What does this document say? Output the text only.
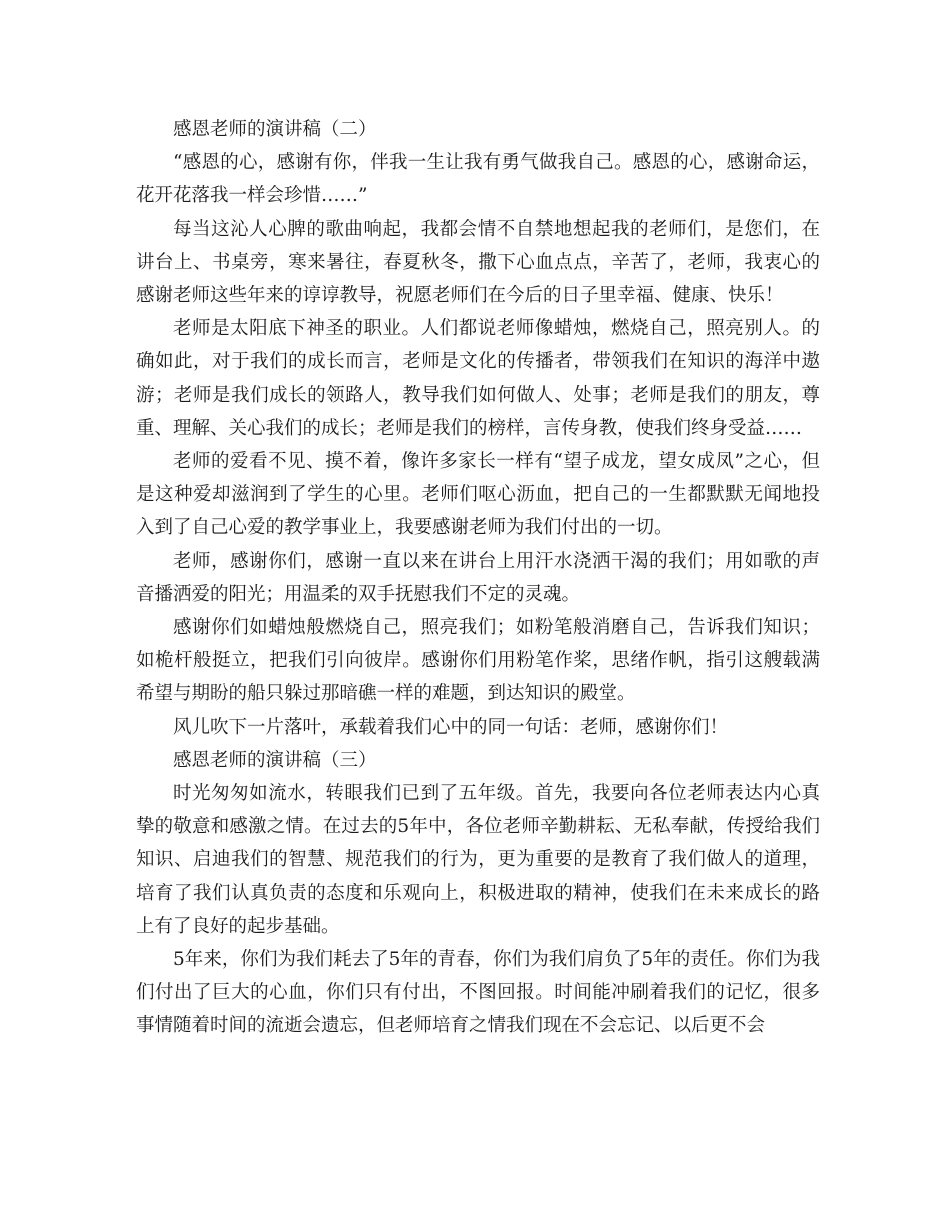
感恩老师的演讲稿（二）

“感恩的心，感谢有你，伴我一生让我有勇气做我自己。感恩的心，感谢命运，花开花落我一样会珍惜……”

每当这沁人心脾的歌曲响起，我都会情不自禁地想起我的老师们，是您们，在讲台上、书桌旁，寒来暑往，春夏秋冬，撒下心血点点，辛苦了，老师，我衷心的感谢老师这些年来的谆谆教导，祝愿老师们在今后的日子里幸福、健康、快乐！

老师是太阳底下神圣的职业。人们都说老师像蜡烛，燃烧自己，照亮别人。的确如此，对于我们的成长而言，老师是文化的传播者，带领我们在知识的海洋中遨游；老师是我们成长的领路人，教导我们如何做人、处事；老师是我们的朋友，尊重、理解、关心我们的成长；老师是我们的榜样，言传身教，使我们终身受益……

老师的爱看不见、摸不着，像许多家长一样有“望子成龙，望女成凤”之心，但是这种爱却滋润到了学生的心里。老师们呕心沥血，把自己的一生都默默无闻地投入到了自己心爱的教学事业上，我要感谢老师为我们付出的一切。

老师，感谢你们，感谢一直以来在讲台上用汗水浇洒干渴的我们；用如歌的声音播洒爱的阳光；用温柔的双手抚慰我们不定的灵魂。

感谢你们如蜡烛般燃烧自己，照亮我们；如粉笔般消磨自己，告诉我们知识；如桅杆般挺立，把我们引向彼岸。感谢你们用粉笔作桨，思绪作帆，指引这艘载满希望与期盼的船只躲过那暗礁一样的难题，到达知识的殿堂。

风儿吹下一片落叶，承载着我们心中的同一句话：老师，感谢你们！

感恩老师的演讲稿（三）

时光匆匆如流水，转眼我们已到了五年级。首先，我要向各位老师表达内心真挚的敬意和感激之情。在过去的5年中，各位老师辛勤耕耘、无私奉献，传授给我们知识、启迪我们的智慧、规范我们的行为，更为重要的是教育了我们做人的道理，培育了我们认真负责的态度和乐观向上，积极进取的精神，使我们在未来成长的路上有了良好的起步基础。

5年来，你们为我们耗去了5年的青春，你们为我们肩负了5年的责任。你们为我们付出了巨大的心血，你们只有付出，不图回报。时间能冲刷着我们的记忆，很多事情随着时间的流逝会遗忘，但老师培育之情我们现在不会忘记、以后更不会
